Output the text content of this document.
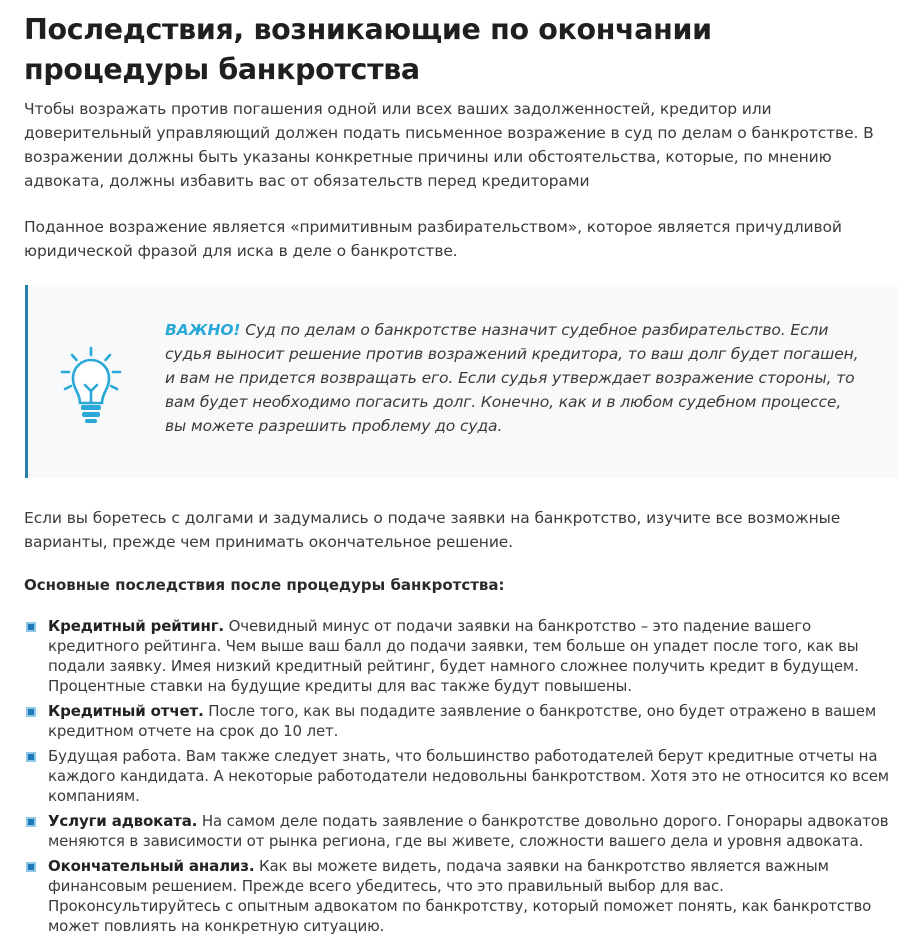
Последствия, возникающие по окончании процедуры банкротства

Чтобы возражать против погашения одной или всех ваших задолженностей, кредитор или доверительный управляющий должен подать письменное возражение в суд по делам о банкротстве. В возражении должны быть указаны конкретные причины или обстоятельства, которые, по мнению адвоката, должны избавить вас от обязательств перед кредиторами

Поданное возражение является «примитивным разбирательством», которое является причудливой юридической фразой для иска в деле о банкротстве.

ВАЖНО! Суд по делам о банкротстве назначит судебное разбирательство. Если судья выносит решение против возражений кредитора, то ваш долг будет погашен, и вам не придется возвращать его. Если судья утверждает возражение стороны, то вам будет необходимо погасить долг. Конечно, как и в любом судебном процессе, вы можете разрешить проблему до суда.

Если вы боретесь с долгами и задумались о подаче заявки на банкротство, изучите все возможные варианты, прежде чем принимать окончательное решение.

Основные последствия после процедуры банкротства:
Кредитный рейтинг. Очевидный минус от подачи заявки на банкротство – это падение вашего кредитного рейтинга. Чем выше ваш балл до подачи заявки, тем больше он упадет после того, как вы подали заявку. Имея низкий кредитный рейтинг, будет намного сложнее получить кредит в будущем. Процентные ставки на будущие кредиты для вас также будут повышены.
Кредитный отчет. После того, как вы подадите заявление о банкротстве, оно будет отражено в вашем кредитном отчете на срок до 10 лет.
Будущая работа. Вам также следует знать, что большинство работодателей берут кредитные отчеты на каждого кандидата. А некоторые работодатели недовольны банкротством. Хотя это не относится ко всем компаниям.
Услуги адвоката. На самом деле подать заявление о банкротстве довольно дорого. Гонорары адвокатов меняются в зависимости от рынка региона, где вы живете, сложности вашего дела и уровня адвоката.
Окончательный анализ. Как вы можете видеть, подача заявки на банкротство является важным финансовым решением. Прежде всего убедитесь, что это правильный выбор для вас. Проконсультируйтесь с опытным адвокатом по банкротству, который поможет понять, как банкротство может повлиять на конкретную ситуацию.
